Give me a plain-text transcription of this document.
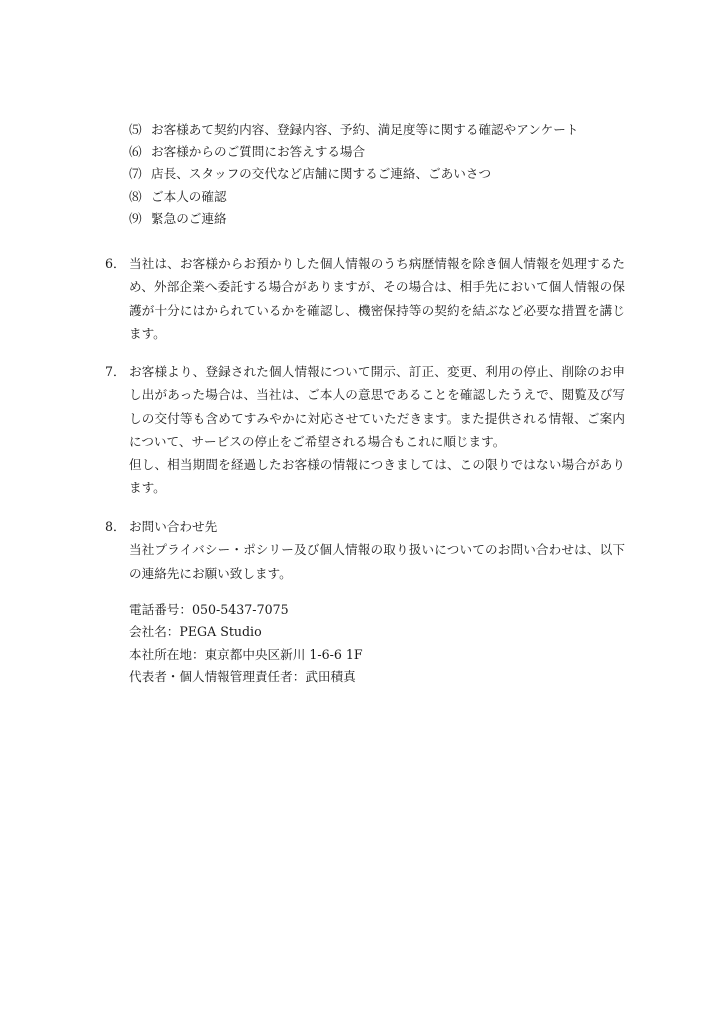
⑸ お客様あて契約内容、登録内容、予約、満足度等に関する確認やアンケート
⑹ お客様からのご質問にお答えする場合
⑺ 店長、スタッフの交代など店舗に関するご連絡、ごあいさつ
⑻ ご本人の確認
⑼ 緊急のご連絡
6． 当社は、お客様からお預かりした個人情報のうち病歴情報を除き個人情報を処理するため、外部企業へ委託する場合がありますが、その場合は、相手先において個人情報の保護が十分にはかられているかを確認し、機密保持等の契約を結ぶなど必要な措置を講じます。
7． お客様より、登録された個人情報について開示、訂正、変更、利用の停止、削除のお申し出があった場合は、当社は、ご本人の意思であることを確認したうえで、閲覧及び写しの交付等も含めてすみやかに対応させていただきます。また提供される情報、ご案内について、サービスの停止をご希望される場合もこれに順じます。
但し、相当期間を経過したお客様の情報につきましては、この限りではない場合があります。
8． お問い合わせ先
当社プライバシー・ポシリー及び個人情報の取り扱いについてのお問い合わせは、以下の連絡先にお願い致します。
電話番号：050-5437-7075
会社名：PEGA Studio
本社所在地：東京都中央区新川 1-6-6 1F
代表者・個人情報管理責任者：武田積真
